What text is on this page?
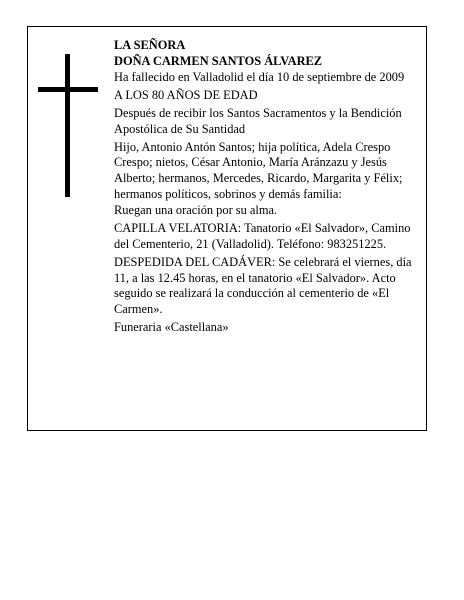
LA SEÑORA

DOÑA CARMEN SANTOS ÁLVAREZ

Ha fallecido en Valladolid el día 10 de septiembre de 2009

A LOS 80 AÑOS DE EDAD

Después de recibir los Santos Sacramentos y la Bendición Apostólica de Su Santidad

Hijo, Antonio Antón Santos; hija política, Adela Crespo Crespo; nietos, César Antonio, María Aránzazu y Jesús Alberto; hermanos, Mercedes, Ricardo, Margarita y Félix; hermanos políticos, sobrinos y demás familia:

Ruegan una oración por su alma.

CAPILLA VELATORIA: Tanatorio «El Salvador», Camino del Cementerio, 21 (Valladolid). Teléfono: 983251225.

DESPEDIDA DEL CADÁVER: Se celebrará el viernes, día 11, a las 12.45 horas, en el tanatorio «El Salvador». Acto seguido se realizará la conducción al cementerio de «El Carmen».

Funeraria «Castellana»
